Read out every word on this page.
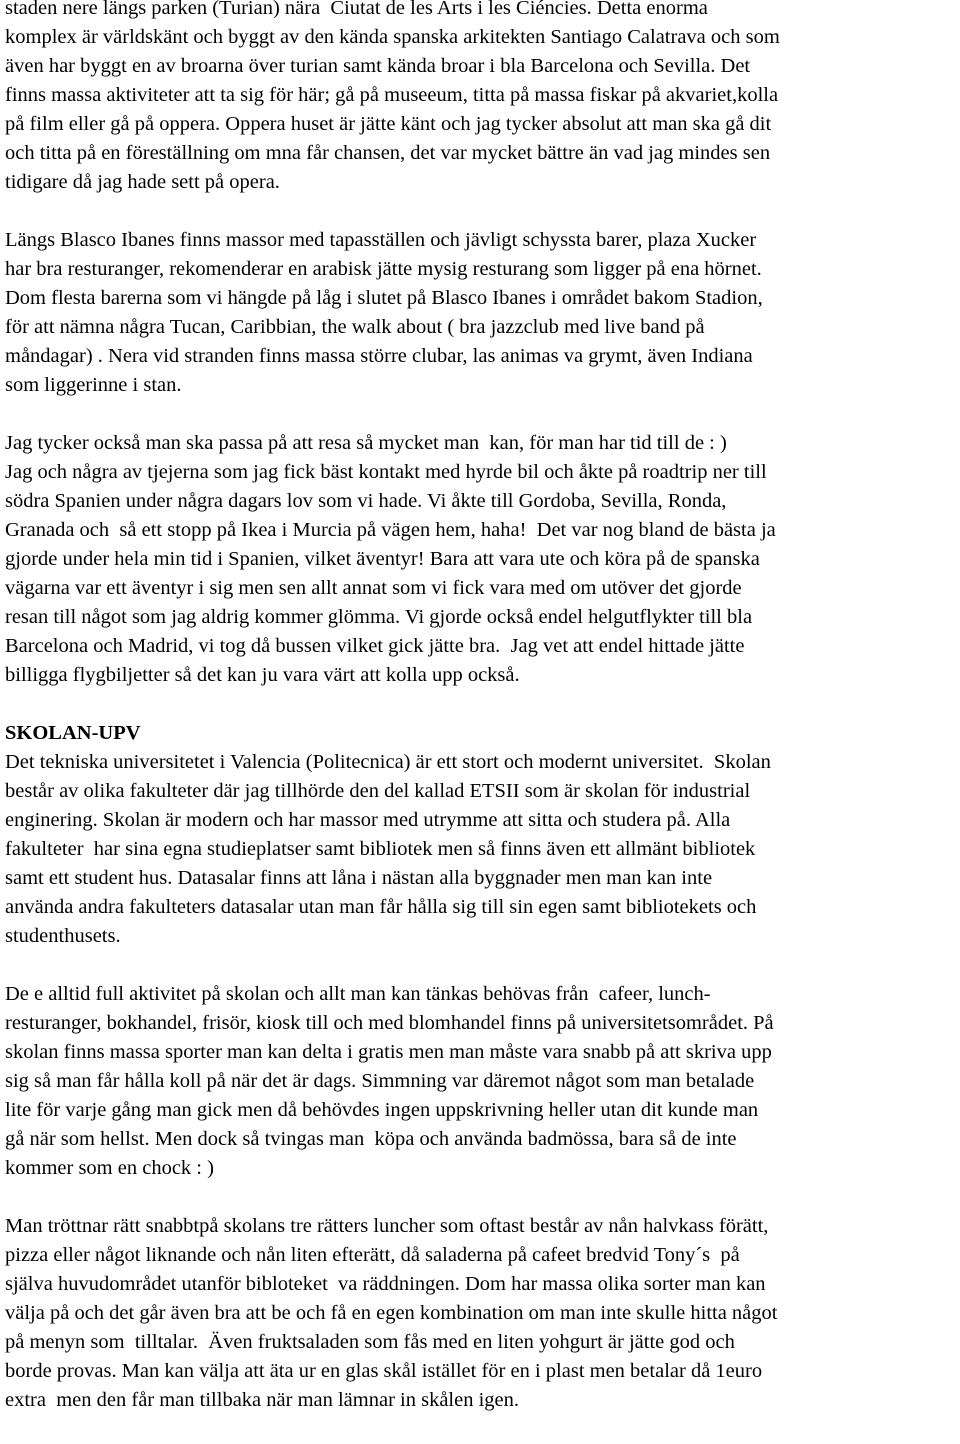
staden nere längs parken (Turian) nära  Ciutat de les Arts i les Ciéncies. Detta enorma
komplex är världskänt och byggt av den kända spanska arkitekten Santiago Calatrava och som
även har byggt en av broarna över turian samt kända broar i bla Barcelona och Sevilla. Det
finns massa aktiviteter att ta sig för här; gå på museeum, titta på massa fiskar på akvariet,kolla
på film eller gå på oppera. Oppera huset är jätte känt och jag tycker absolut att man ska gå dit
och titta på en föreställning om mna får chansen, det var mycket bättre än vad jag mindes sen
tidigare då jag hade sett på opera.
Längs Blasco Ibanes finns massor med tapasställen och jävligt schyssta barer, plaza Xucker
har bra resturanger, rekomenderar en arabisk jätte mysig resturang som ligger på ena hörnet.
Dom flesta barerna som vi hängde på låg i slutet på Blasco Ibanes i området bakom Stadion,
för att nämna några Tucan, Caribbian, the walk about ( bra jazzclub med live band på
måndagar) . Nera vid stranden finns massa större clubar, las animas va grymt, även Indiana
som liggerinne i stan.
Jag tycker också man ska passa på att resa så mycket man  kan, för man har tid till de : )
Jag och några av tjejerna som jag fick bäst kontakt med hyrde bil och åkte på roadtrip ner till
södra Spanien under några dagars lov som vi hade. Vi åkte till Gordoba, Sevilla, Ronda,
Granada och  så ett stopp på Ikea i Murcia på vägen hem, haha!  Det var nog bland de bästa ja
gjorde under hela min tid i Spanien, vilket äventyr! Bara att vara ute och köra på de spanska
vägarna var ett äventyr i sig men sen allt annat som vi fick vara med om utöver det gjorde
resan till något som jag aldrig kommer glömma. Vi gjorde också endel helgutflykter till bla
Barcelona och Madrid, vi tog då bussen vilket gick jätte bra.  Jag vet att endel hittade jätte
billigga flygbiljetter så det kan ju vara värt att kolla upp också.
SKOLAN-UPV
Det tekniska universitetet i Valencia (Politecnica) är ett stort och modernt universitet.  Skolan
består av olika fakulteter där jag tillhörde den del kallad ETSII som är skolan för industrial
enginering. Skolan är modern och har massor med utrymme att sitta och studera på. Alla
fakulteter  har sina egna studieplatser samt bibliotek men så finns även ett allmänt bibliotek
samt ett student hus. Datasalar finns att låna i nästan alla byggnader men man kan inte
använda andra fakulteters datasalar utan man får hålla sig till sin egen samt bibliotekets och
studenthusets.
De e alltid full aktivitet på skolan och allt man kan tänkas behövas från  cafeer, lunch-
resturanger, bokhandel, frisör, kiosk till och med blomhandel finns på universitetsområdet. På
skolan finns massa sporter man kan delta i gratis men man måste vara snabb på att skriva upp
sig så man får hålla koll på när det är dags. Simmning var däremot något som man betalade
lite för varje gång man gick men då behövdes ingen uppskrivning heller utan dit kunde man
gå när som hellst. Men dock så tvingas man  köpa och använda badmössa, bara så de inte
kommer som en chock : )
Man tröttnar rätt snabbtpå skolans tre rätters luncher som oftast består av nån halvkass förätt,
pizza eller något liknande och nån liten efterätt, då saladerna på cafeet bredvid Tony´s  på
själva huvudområdet utanför bibloteket  va räddningen. Dom har massa olika sorter man kan
välja på och det går även bra att be och få en egen kombination om man inte skulle hitta något
på menyn som  tilltalar.  Även fruktsaladen som fås med en liten yohgurt är jätte god och
borde provas. Man kan välja att äta ur en glas skål istället för en i plast men betalar då 1euro
extra  men den får man tillbaka när man lämnar in skålen igen.
